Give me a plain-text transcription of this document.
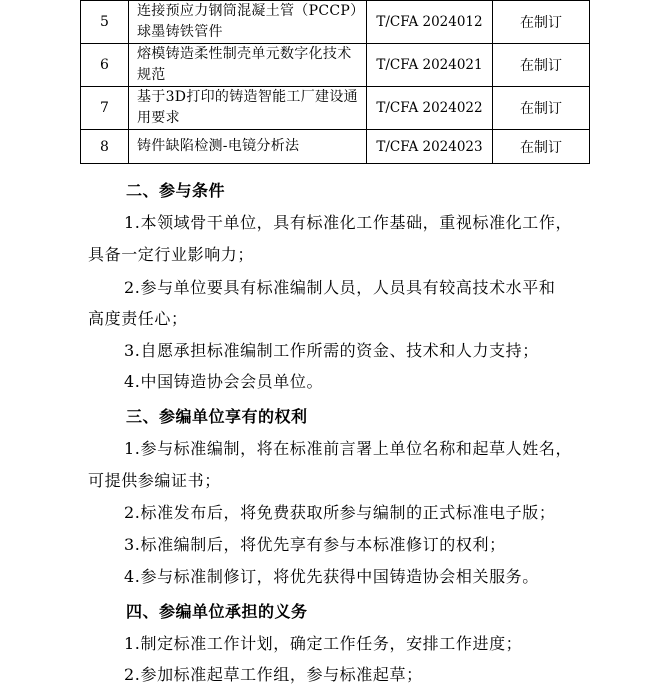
5	连接预应力钢筒混凝土管（PCCP）球墨铸铁管件	T/CFA 2024012	在制订
6	熔模铸造柔性制壳单元数字化技术规范	T/CFA 2024021	在制订
7	基于3D打印的铸造智能工厂建设通用要求	T/CFA 2024022	在制订
8	铸件缺陷检测-电镜分析法	T/CFA 2024023	在制订
二、参与条件
1.本领域骨干单位，具有标准化工作基础，重视标准化工作，
具备一定行业影响力；
2.参与单位要具有标准编制人员，人员具有较高技术水平和
高度责任心；
3.自愿承担标准编制工作所需的资金、技术和人力支持；
4.中国铸造协会会员单位。
三、参编单位享有的权利
1.参与标准编制，将在标准前言署上单位名称和起草人姓名，
可提供参编证书；
2.标准发布后，将免费获取所参与编制的正式标准电子版；
3.标准编制后，将优先享有参与本标准修订的权利；
4.参与标准制修订，将优先获得中国铸造协会相关服务。
四、参编单位承担的义务
1.制定标准工作计划，确定工作任务，安排工作进度；
2.参加标准起草工作组，参与标准起草；
